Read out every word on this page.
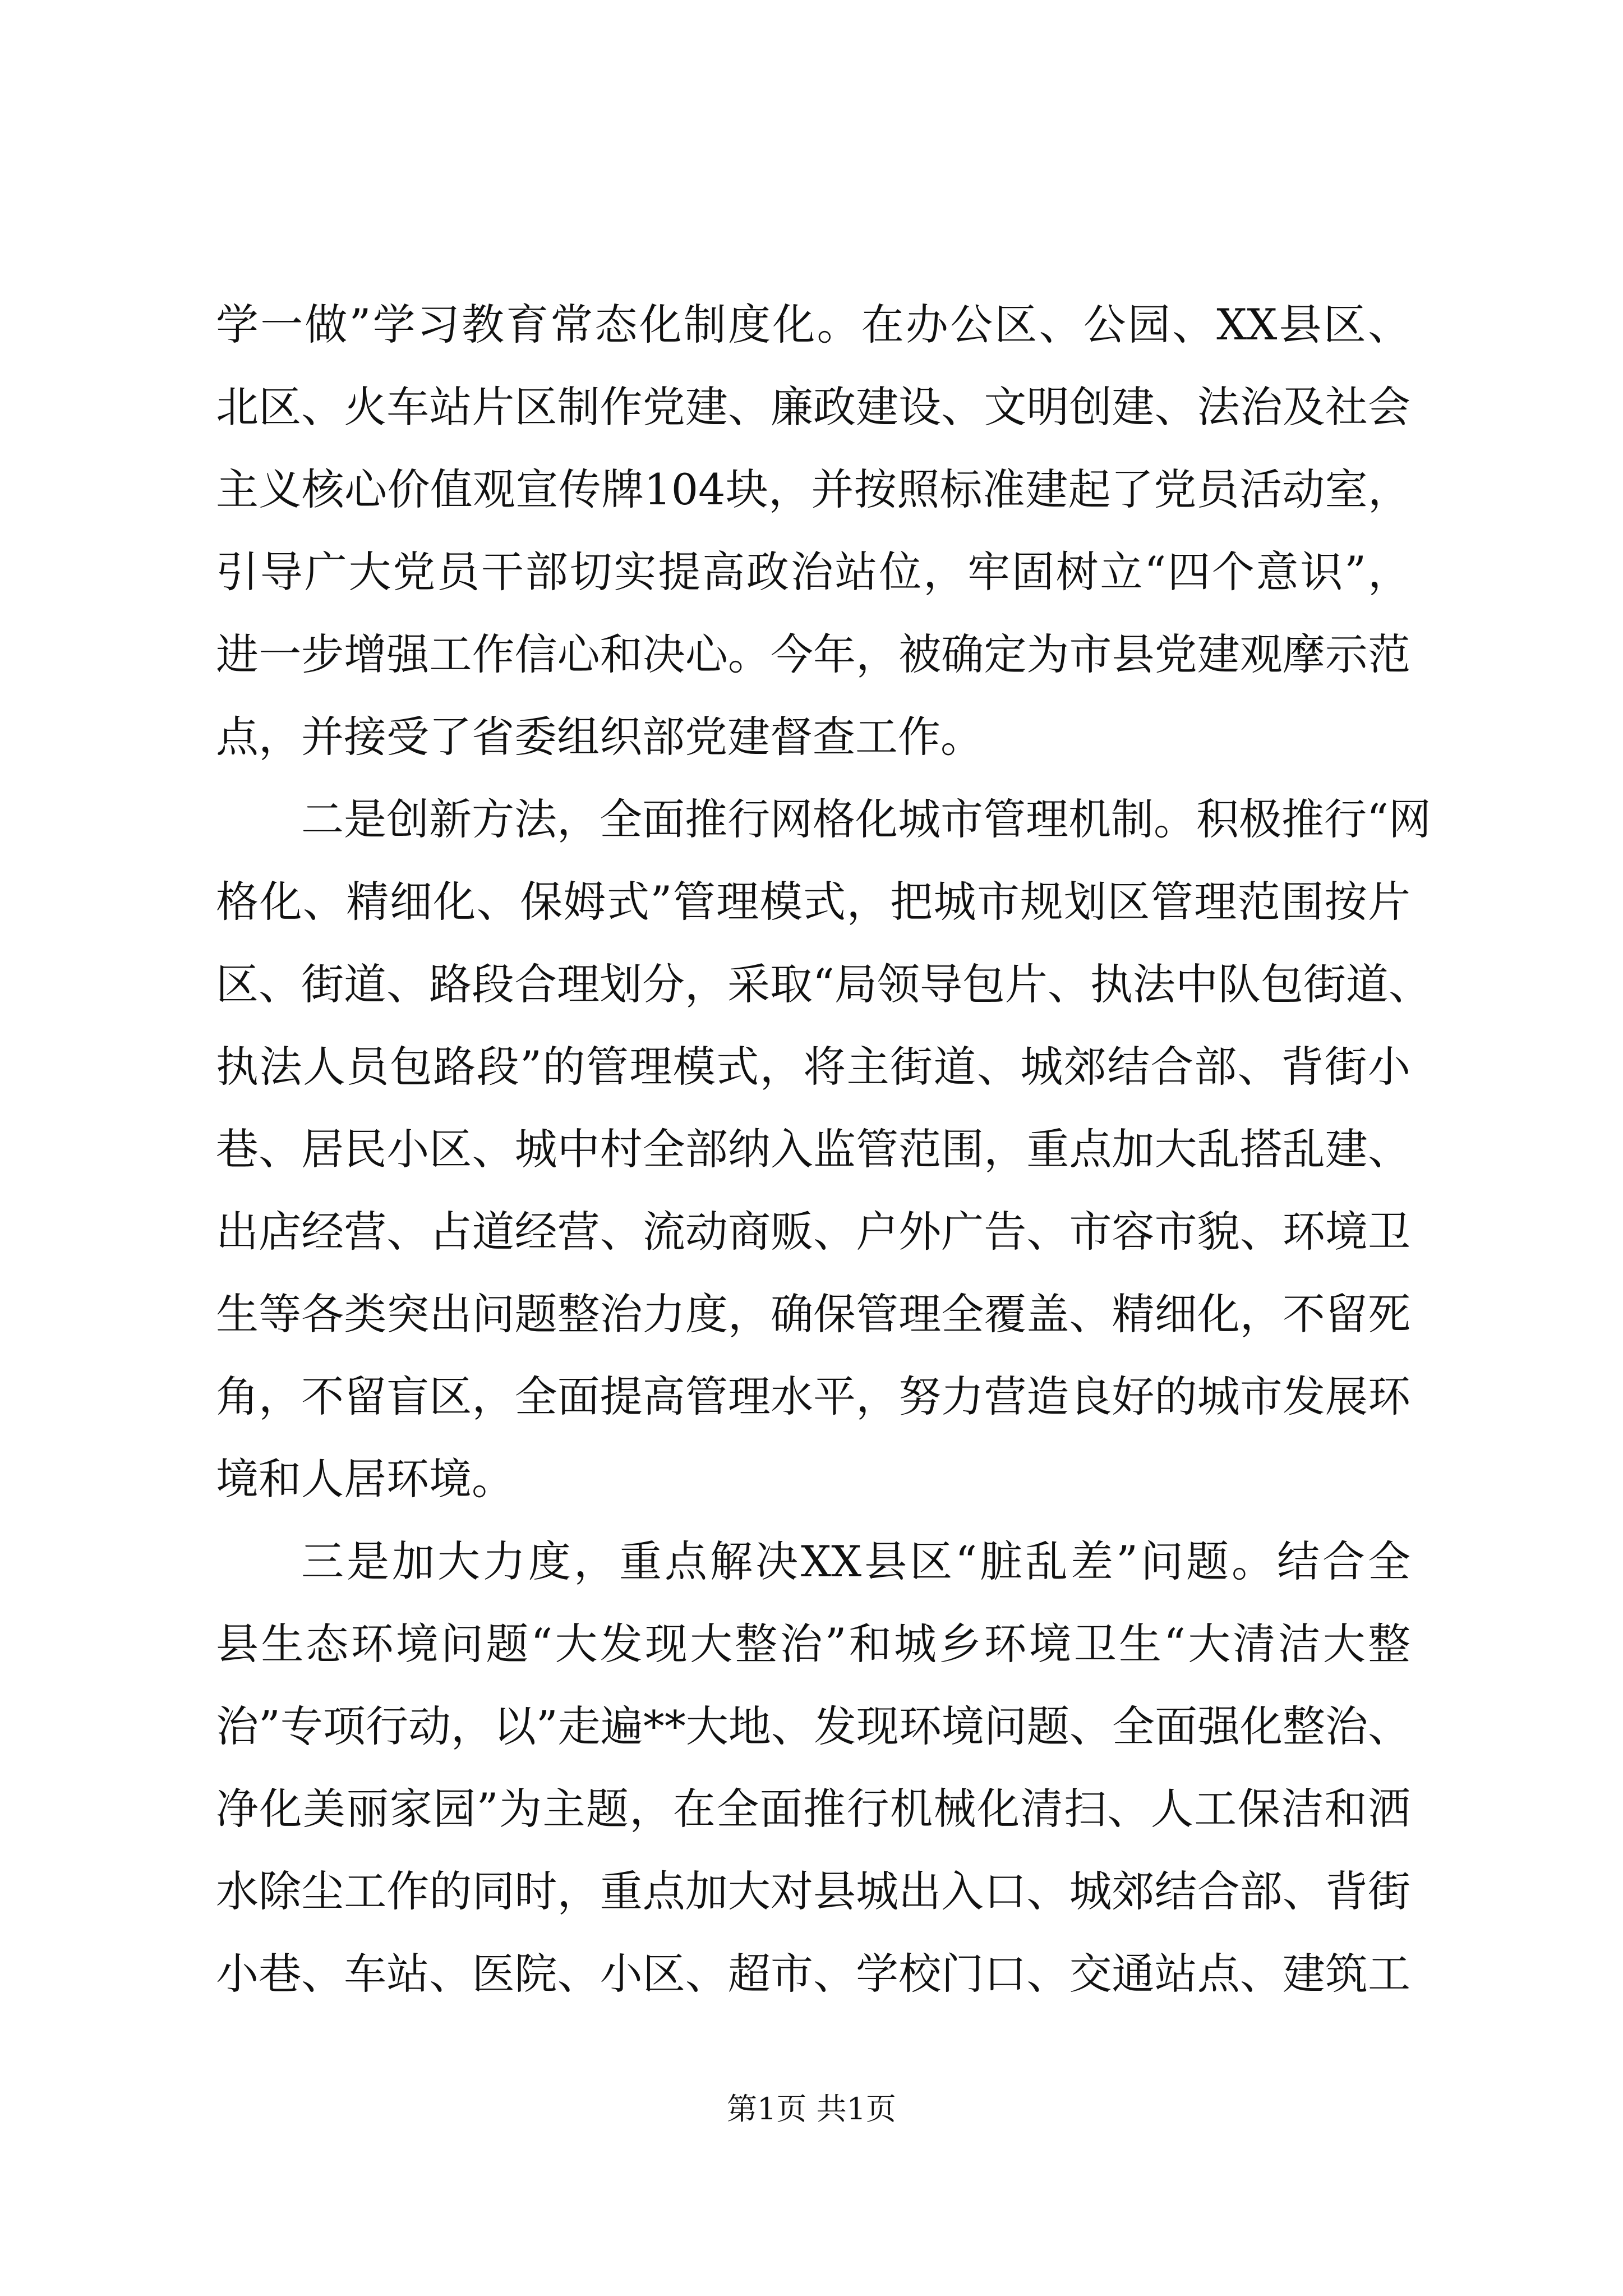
学一做”学习教育常态化制度化。在办公区、公园、XX县区、
北区、火车站片区制作党建、廉政建设、文明创建、法治及社会
主义核心价值观宣传牌104块，并按照标准建起了党员活动室，
引导广大党员干部切实提高政治站位，牢固树立“四个意识”，
进一步增强工作信心和决心。今年，被确定为市县党建观摩示范
点，并接受了省委组织部党建督查工作。
二是创新方法，全面推行网格化城市管理机制。积极推行“网
格化、精细化、保姆式”管理模式，把城市规划区管理范围按片
区、街道、路段合理划分，采取“局领导包片、执法中队包街道、
执法人员包路段”的管理模式，将主街道、城郊结合部、背街小
巷、居民小区、城中村全部纳入监管范围，重点加大乱搭乱建、
出店经营、占道经营、流动商贩、户外广告、市容市貌、环境卫
生等各类突出问题整治力度，确保管理全覆盖、精细化，不留死
角，不留盲区，全面提高管理水平，努力营造良好的城市发展环
境和人居环境。
三是加大力度，重点解决XX县区“脏乱差”问题。结合全
县生态环境问题“大发现大整治”和城乡环境卫生“大清洁大整
治”专项行动，以”走遍**大地、发现环境问题、全面强化整治、
净化美丽家园”为主题，在全面推行机械化清扫、人工保洁和洒
水除尘工作的同时，重点加大对县城出入口、城郊结合部、背街
小巷、车站、医院、小区、超市、学校门口、交通站点、建筑工
第1页 共1页
